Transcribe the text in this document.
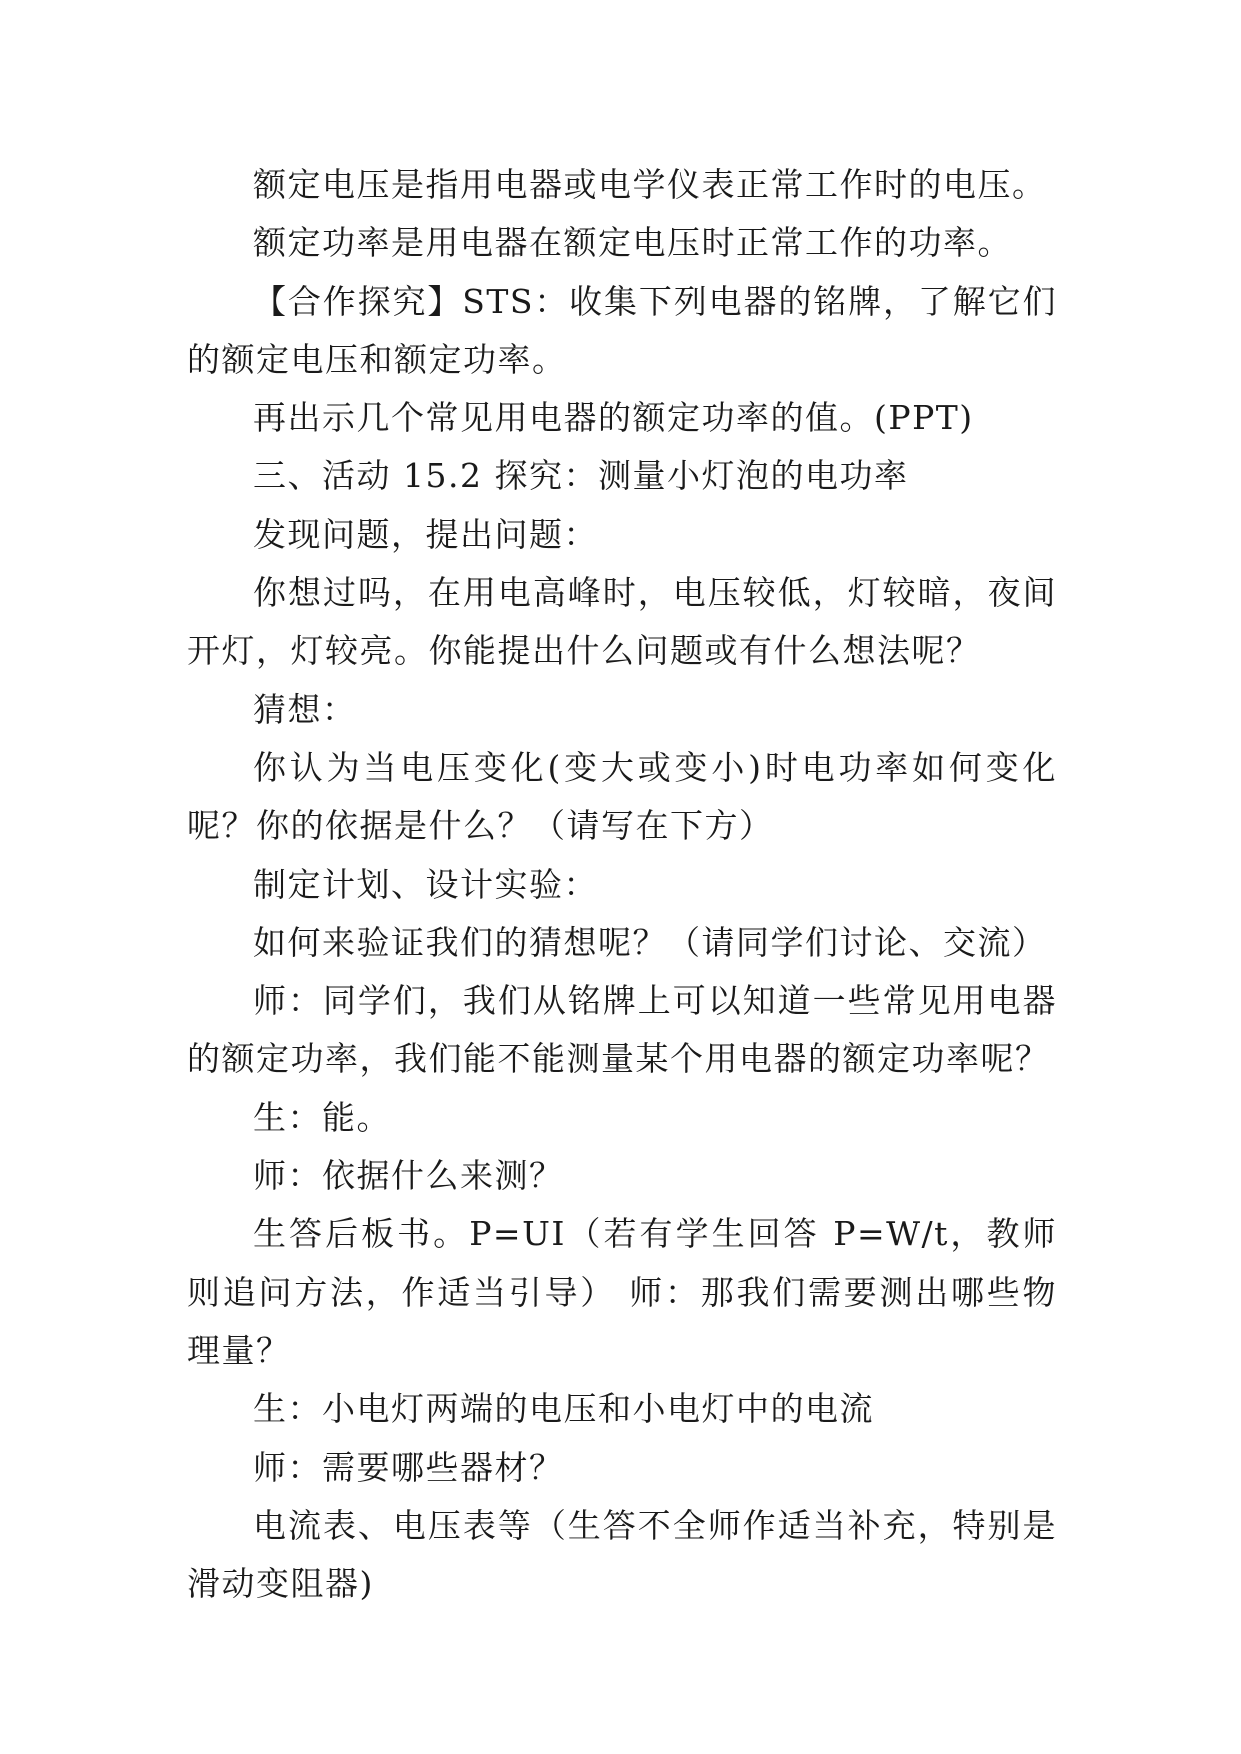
额定电压是指用电器或电学仪表正常工作时的电压。

额定功率是用电器在额定电压时正常工作的功率。

【合作探究】STS：收集下列电器的铭牌，了解它们的额定电压和额定功率。

再出示几个常见用电器的额定功率的值。(PPT)

三、活动 15.2 探究：测量小灯泡的电功率

发现问题，提出问题：

你想过吗，在用电高峰时，电压较低，灯较暗，夜间开灯，灯较亮。你能提出什么问题或有什么想法呢？

猜想：

你认为当电压变化(变大或变小)时电功率如何变化呢？你的依据是什么？（请写在下方）

制定计划、设计实验：

如何来验证我们的猜想呢？（请同学们讨论、交流）

师：同学们，我们从铭牌上可以知道一些常见用电器的额定功率，我们能不能测量某个用电器的额定功率呢？

生：能。

师：依据什么来测？

生答后板书。P=UI（若有学生回答 P=W/t，教师则追问方法，作适当引导） 师：那我们需要测出哪些物理量？

生：小电灯两端的电压和小电灯中的电流

师：需要哪些器材？

电流表、电压表等（生答不全师作适当补充，特别是滑动变阻器)
